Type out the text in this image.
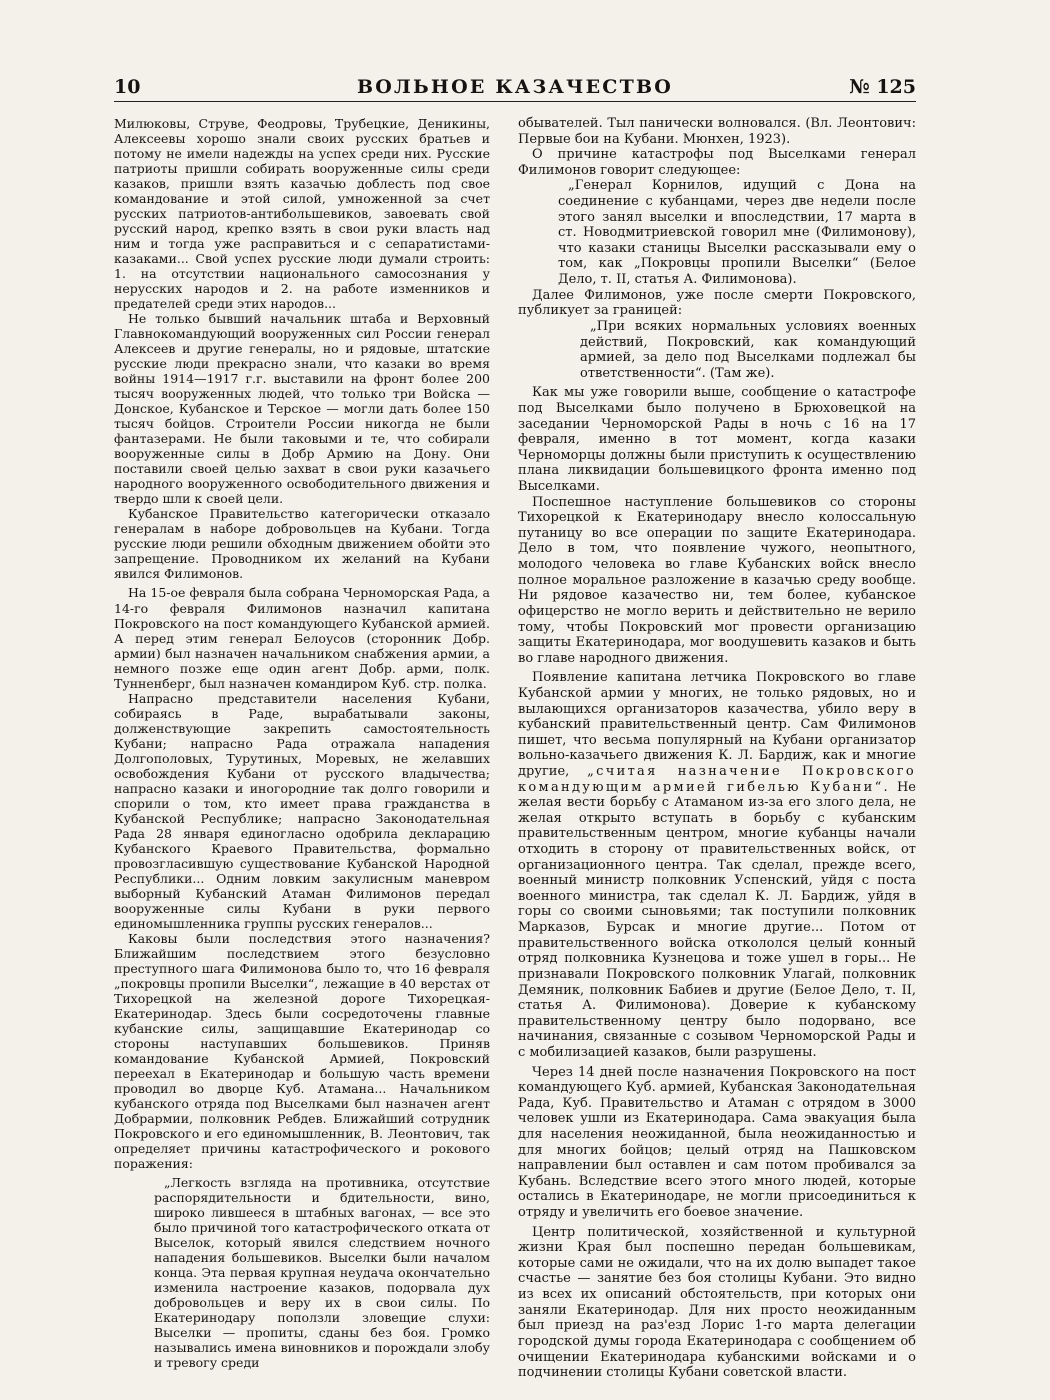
10	ВОЛЬНОЕ КАЗАЧЕСТВО	№ 125

Милюковы, Струве, Феодровы, Трубецкие, Деникины, Алексеевы хорошо знали своих русских братьев и потому не имели надежды на успех среди них. Русские патриоты пришли собирать вооруженные силы среди казаков, пришли взять казачью доблесть под свое командование и этой силой, умноженной за счет русских патриотов-антибольшевиков, завоевать свой русский народ, крепко взять в свои руки власть над ним и тогда уже расправиться и с сепаратистами-казаками... Свой успех русские люди думали строить: 1. на отсутствии национального самосознания у нерусских народов и 2. на работе изменников и предателей среди этих народов...

Не только бывший начальник штаба и Верховный Главнокомандующий вооруженных сил России генерал Алексеев и другие генералы, но и рядовые, штатские русские люди прекрасно знали, что казаки во время войны 1914—1917 г.г. выставили на фронт более 200 тысяч вооруженных людей, что только три Войска — Донское, Кубанское и Терское — могли дать более 150 тысяч бойцов. Строители России никогда не были фантазерами. Не были таковыми и те, что собирали вооруженные силы в Добр Армию на Дону. Они поставили своей целью захват в свои руки казачьего народного вооруженного освободительного движения и твердо шли к своей цели.

Кубанское Правительство категорически отказало генералам в наборе добровольцев на Кубани. Тогда русские люди решили обходным движением обойти это запрещение. Проводником их желаний на Кубани явился Филимонов.

На 15-ое февраля была собрана Черноморская Рада, а 14-го февраля Филимонов назначил капитана Покровского на пост командующего Кубанской армией. А перед этим генерал Белоусов (сторонник Добр. армии) был назначен начальником снабжения армии, а немного позже еще один агент Добр. арми, полк. Тунненберг, был назначен командиром Куб. стр. полка.

Напрасно представители населения Кубани, собираясь в Раде, вырабатывали законы, долженствующие закрепить самостоятельность Кубани; напрасно Рада отражала нападения Долгополовых, Турутиных, Моревых, не желавших освобождения Кубани от русского владычества; напрасно казаки и иногородние так долго говорили и спорили о том, кто имеет права гражданства в Кубанской Республике; напрасно Законодательная Рада 28 января единогласно одобрила декларацию Кубанского Краевого Правительства, формально провозгласившую существование Кубанской Народной Республики... Одним ловким закулисным маневром выборный Кубанский Атаман Филимонов передал вооруженные силы Кубани в руки первого единомышленника группы русских генералов...

Каковы были последствия этого назначения? Ближайшим последствием этого безусловно преступного шага Филимонова было то, что 16 февраля „покровцы пропили Выселки“, лежащие в 40 верстах от Тихорецкой на железной дороге Тихорецкая-Екатеринодар. Здесь были сосредоточены главные кубанские силы, защищавшие Екатеринодар со стороны наступавших большевиков. Приняв командование Кубанской Армией, Покровский переехал в Екатеринодар и большую часть времени проводил во дворце Куб. Атамана... Начальником кубанского отряда под Выселками был назначен агент Добрармии, полковник Ребдев. Ближайший сотрудник Покровского и его единомышленник, В. Леонтович, так определяет причины катастрофического и рокового поражения:

„Легкость взгляда на противника, отсутствие распорядительности и бдительности, вино, широко лившееся в штабных вагонах, — все это было причиной того катастрофического отката от Выселок, который явился следствием ночного нападения большевиков. Выселки были началом конца. Эта первая крупная неудача окончательно изменила настроение казаков, подорвала дух добровольцев и веру их в свои силы. По Екатеринодару поползли зловещие слухи: Выселки — пропиты, сданы без боя. Громко назывались имена виновников и порождали злобу и тревогу среди

обывателей. Тыл панически волновался. (Вл. Леонтович: Первые бои на Кубани. Мюнхен, 1923).

О причине катастрофы под Выселками генерал Филимонов говорит следующее:

„Генерал Корнилов, идущий с Дона на соединение с кубанцами, через две недели после этого занял выселки и впоследствии, 17 марта в ст. Новодмитриевской говорил мне (Филимонову), что казаки станицы Выселки рассказывали ему о том, как „Покровцы пропили Выселки“ (Белое Дело, т. II, статья А. Филимонова).

Далее Филимонов, уже после смерти Покровского, публикует за границей:

„При всяких нормальных условиях военных действий, Покровский, как командующий армией, за дело под Выселками подлежал бы ответственности“. (Там же).

Как мы уже говорили выше, сообщение о катастрофе под Выселками было получено в Брюховецкой на заседании Черноморской Рады в ночь с 16 на 17 февраля, именно в тот момент, когда казаки Черноморцы должны были приступить к осуществлению плана ликвидации большевицкого фронта именно под Выселками.

Поспешное наступление большевиков со стороны Тихорецкой к Екатеринодару внесло колоссальную путаницу во все операции по защите Екатеринодара. Дело в том, что появление чужого, неопытного, молодого человека во главе Кубанских войск внесло полное моральное разложение в казачью среду вообще. Ни рядовое казачество ни, тем более, кубанское офицерство не могло верить и действительно не верило тому, чтобы Покровский мог провести организацию защиты Екатеринодара, мог воодушевить казаков и быть во главе народного движения.

Появление капитана летчика Покровского во главе Кубанской армии у многих, не только рядовых, но и вылающихся организаторов казачества, убило веру в кубанский правительственный центр. Сам Филимонов пишет, что весьма популярный на Кубани организатор вольно-казачьего движения К. Л. Бардиж, как и многие другие, „считая назначение Покровского командующим армией гибелью Кубани“. Не желая вести борьбу с Атаманом из-за его злого дела, не желая открыто вступать в борьбу с кубанским правительственным центром, многие кубанцы начали отходить в сторону от правительственных войск, от организационного центра. Так сделал, прежде всего, военный министр полковник Успенский, уйдя с поста военного министра, так сделал К. Л. Бардиж, уйдя в горы со своими сыновьями; так поступили полковник Марказов, Бурсак и многие другие... Потом от правительственного войска откололся целый конный отряд полковника Кузнецова и тоже ушел в горы... Не признавали Покровского полковник Улагай, полковник Демяник, полковник Бабиев и другие (Белое Дело, т. II, статья А. Филимонова). Доверие к кубанскому правительственному центру было подорвано, все начинания, связанные с созывом Черноморской Рады и с мобилизацией казаков, были разрушены.

Через 14 дней после назначения Покровского на пост командующего Куб. армией, Кубанская Законодательная Рада, Куб. Правительство и Атаман с отрядом в 3000 человек ушли из Екатеринодара. Сама эвакуация была для населения неожиданной, была неожиданностью и для многих бойцов; целый отряд на Пашковском направлении был оставлен и сам потом пробивался за Кубань. Вследствие всего этого много людей, которые остались в Екатеринодаре, не могли присоединиться к отряду и увеличить его боевое значение.

Центр политической, хозяйственной и культурной жизни Края был поспешно передан большевикам, которые сами не ожидали, что на их долю выпадет такое счастье — занятие без боя столицы Кубани. Это видно из всех их описаний обстоятельств, при которых они заняли Екатеринодар. Для них просто неожиданным был приезд на раз'езд Лорис 1-го марта делегации городской думы города Екатеринодара с сообщением об очищении Екатеринодара кубанскими войсками и о подчинении столицы Кубани советской власти.
